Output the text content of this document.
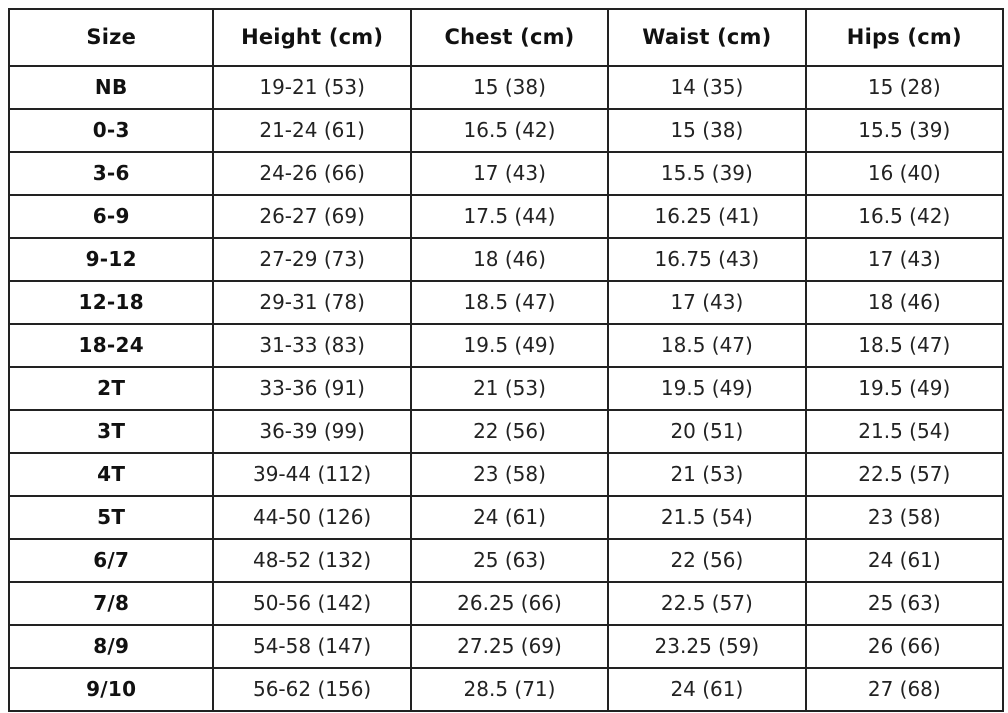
Size	Height (cm)	Chest (cm)	Waist (cm)	Hips (cm)
NB	19-21 (53)	15 (38)	14 (35)	15 (28)
0-3	21-24 (61)	16.5 (42)	15 (38)	15.5 (39)
3-6	24-26 (66)	17 (43)	15.5 (39)	16 (40)
6-9	26-27 (69)	17.5 (44)	16.25 (41)	16.5 (42)
9-12	27-29 (73)	18 (46)	16.75 (43)	17 (43)
12-18	29-31 (78)	18.5 (47)	17 (43)	18 (46)
18-24	31-33 (83)	19.5 (49)	18.5 (47)	18.5 (47)
2T	33-36 (91)	21 (53)	19.5 (49)	19.5 (49)
3T	36-39 (99)	22 (56)	20 (51)	21.5 (54)
4T	39-44 (112)	23 (58)	21 (53)	22.5 (57)
5T	44-50 (126)	24 (61)	21.5 (54)	23 (58)
6/7	48-52 (132)	25 (63)	22 (56)	24 (61)
7/8	50-56 (142)	26.25 (66)	22.5 (57)	25 (63)
8/9	54-58 (147)	27.25 (69)	23.25 (59)	26 (66)
9/10	56-62 (156)	28.5 (71)	24 (61)	27 (68)
